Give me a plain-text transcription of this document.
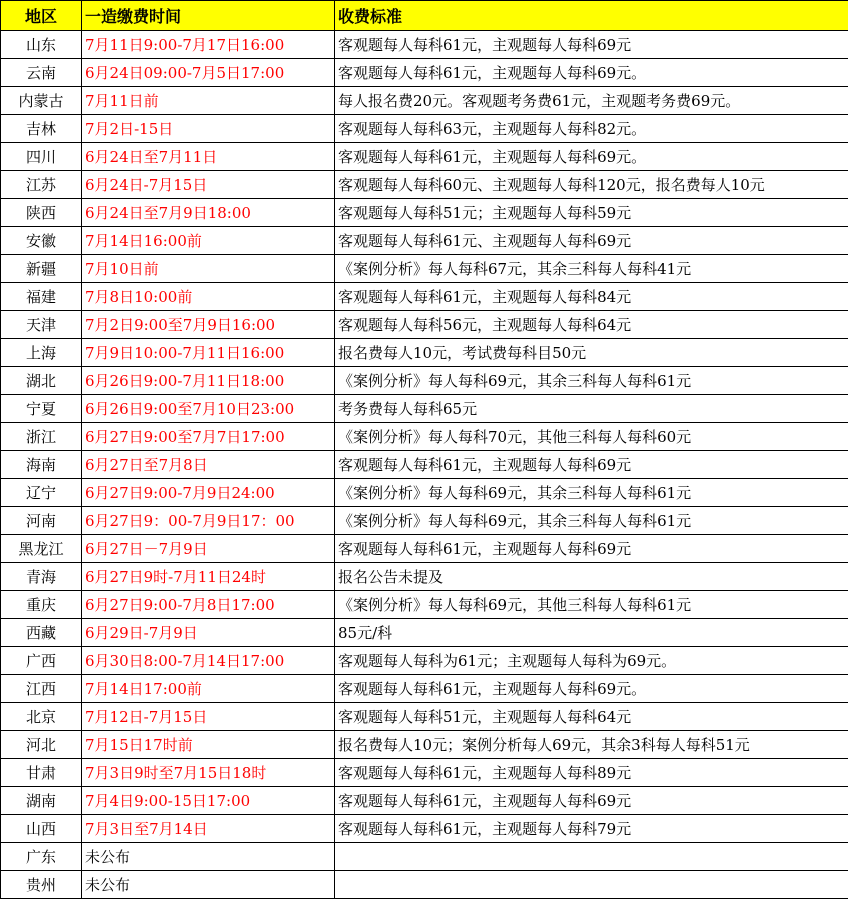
地区	一造缴费时间	收费标准
山东	7月11日9:00-7月17日16:00	客观题每人每科61元，主观题每人每科69元
云南	6月24日09:00-7月5日17:00	客观题每人每科61元，主观题每人每科69元。
内蒙古	7月11日前	每人报名费20元。客观题考务费61元，主观题考务费69元。
吉林	7月2日-15日	客观题每人每科63元，主观题每人每科82元。
四川	6月24日至7月11日	客观题每人每科61元，主观题每人每科69元。
江苏	6月24日-7月15日	客观题每人每科60元、主观题每人每科120元，报名费每人10元
陕西	6月24日至7月9日18:00	客观题每人每科51元；主观题每人每科59元
安徽	7月14日16:00前	客观题每人每科61元、主观题每人每科69元
新疆	7月10日前	《案例分析》每人每科67元，其余三科每人每科41元
福建	7月8日10:00前	客观题每人每科61元，主观题每人每科84元
天津	7月2日9:00至7月9日16:00	客观题每人每科56元，主观题每人每科64元
上海	7月9日10:00-7月11日16:00	报名费每人10元，考试费每科目50元
湖北	6月26日9:00-7月11日18:00	《案例分析》每人每科69元，其余三科每人每科61元
宁夏	6月26日9:00至7月10日23:00	考务费每人每科65元
浙江	6月27日9:00至7月7日17:00	《案例分析》每人每科70元，其他三科每人每科60元
海南	6月27日至7月8日	客观题每人每科61元，主观题每人每科69元
辽宁	6月27日9:00-7月9日24:00	《案例分析》每人每科69元，其余三科每人每科61元
河南	6月27日9：00-7月9日17：00	《案例分析》每人每科69元，其余三科每人每科61元
黑龙江	6月27日－7月9日	客观题每人每科61元，主观题每人每科69元
青海	6月27日9时-7月11日24时	报名公告未提及
重庆	6月27日9:00-7月8日17:00	《案例分析》每人每科69元，其他三科每人每科61元
西藏	6月29日-7月9日	85元/科
广西	6月30日8:00-7月14日17:00	客观题每人每科为61元；主观题每人每科为69元。
江西	7月14日17:00前	客观题每人每科61元，主观题每人每科69元。
北京	7月12日-7月15日	客观题每人每科51元，主观题每人每科64元
河北	7月15日17时前	报名费每人10元；案例分析每人69元，其余3科每人每科51元
甘肃	7月3日9时至7月15日18时	客观题每人每科61元，主观题每人每科89元
湖南	7月4日9:00-15日17:00	客观题每人每科61元，主观题每人每科69元
山西	7月3日至7月14日	客观题每人每科61元，主观题每人每科79元
广东	未公布	
贵州	未公布	
